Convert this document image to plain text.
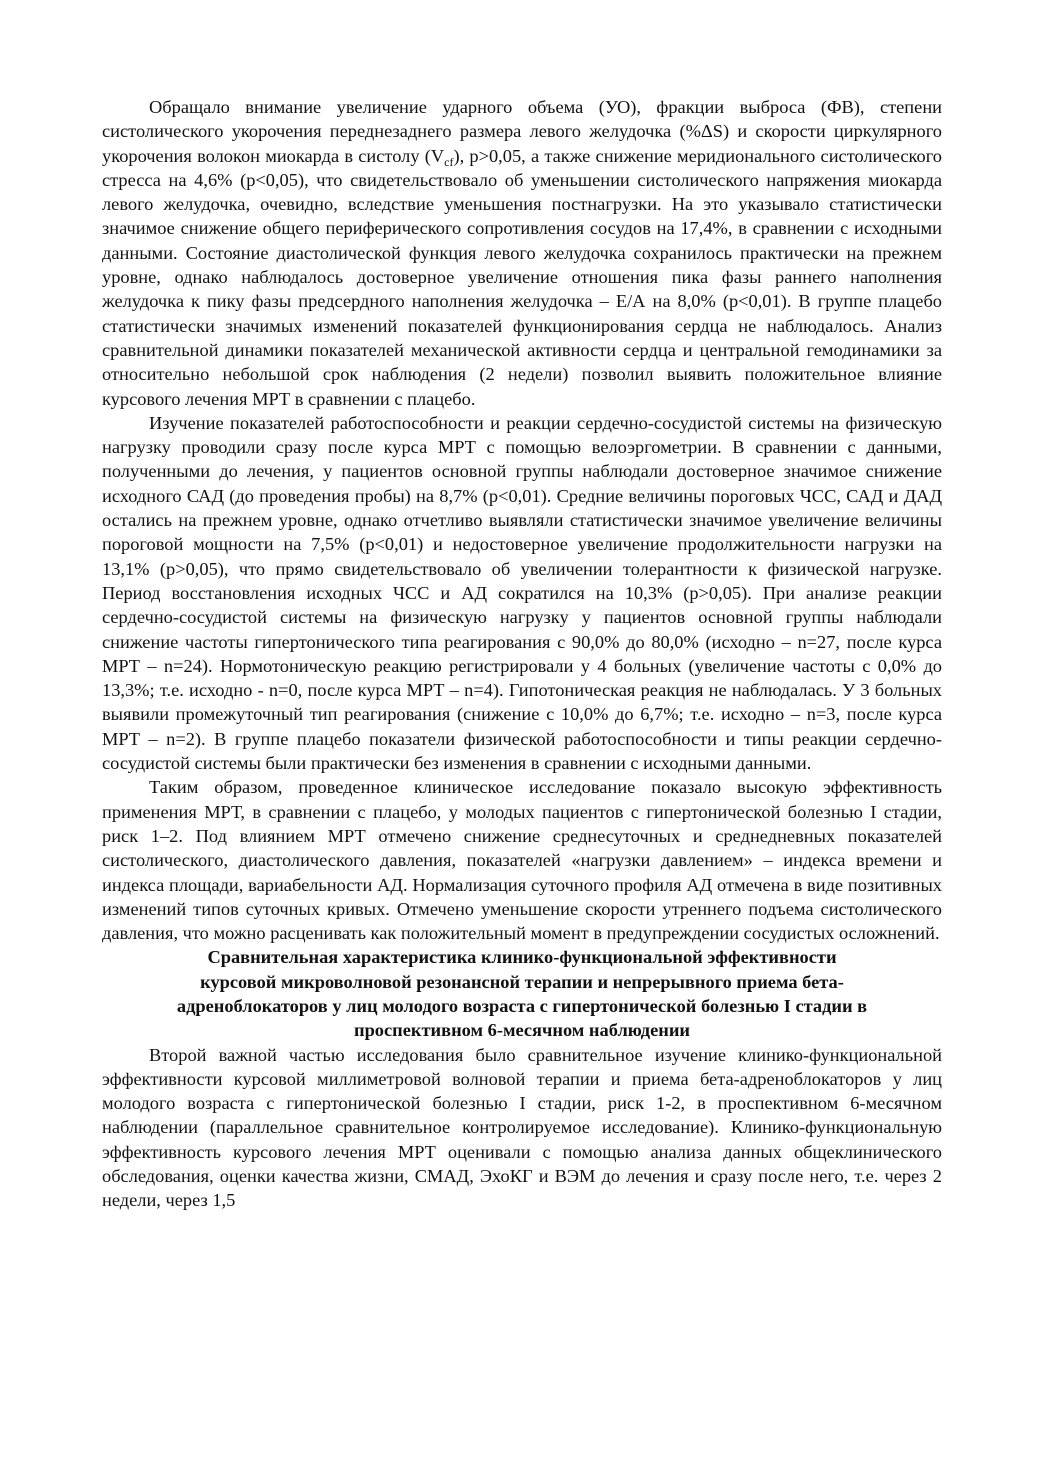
Обращало внимание увеличение ударного объема (УО), фракции выброса (ФВ), степени систолического укорочения переднезаднего размера левого желудочка (%ΔS) и скорости циркулярного укорочения волокон миокарда в систолу $(V_{cf})$, p>0,05, а также снижение меридионального систолического стресса на 4,6% (р<0,05), что свидетельствовало об уменьшении систолического напряжения миокарда левого желудочка, очевидно, вследствие уменьшения постнагрузки. На это указывало статистически значимое снижение общего периферического сопротивления сосудов на 17,4%, в сравнении с исходными данными. Состояние диастолической функция левого желудочка сохранилось практически на прежнем уровне, однако наблюдалось достоверное увеличение отношения пика фазы раннего наполнения желудочка к пику фазы предсердного наполнения желудочка – Е/А на 8,0% (р<0,01). В группе плацебо статистически значимых изменений показателей функционирования сердца не наблюдалось. Анализ сравнительной динамики показателей механической активности сердца и центральной гемодинамики за относительно небольшой срок наблюдения (2 недели) позволил выявить положительное влияние курсового лечения МРТ в сравнении с плацебо.

Изучение показателей работоспособности и реакции сердечно-сосудистой системы на физическую нагрузку проводили сразу после курса МРТ с помощью велоэргометрии. В сравнении с данными, полученными до лечения, у пациентов основной группы наблюдали достоверное значимое снижение исходного САД (до проведения пробы) на 8,7% (р<0,01). Средние величины пороговых ЧСС, САД и ДАД остались на прежнем уровне, однако отчетливо выявляли статистически значимое увеличение величины пороговой мощности на 7,5% (р<0,01) и недостоверное увеличение продолжительности нагрузки на 13,1% (р>0,05), что прямо свидетельствовало об увеличении толерантности к физической нагрузке. Период восстановления исходных ЧСС и АД сократился на 10,3% (р>0,05). При анализе реакции сердечно-сосудистой системы на физическую нагрузку у пациентов основной группы наблюдали снижение частоты гипертонического типа реагирования с 90,0% до 80,0% (исходно – n=27, после курса МРТ – n=24). Нормотоническую реакцию регистрировали у 4 больных (увеличение частоты с 0,0% до 13,3%; т.е. исходно - n=0, после курса МРТ – n=4). Гипотоническая реакция не наблюдалась. У 3 больных выявили промежуточный тип реагирования (снижение с 10,0% до 6,7%; т.е. исходно – n=3, после курса МРТ – n=2). В группе плацебо показатели физической работоспособности и типы реакции сердечно-сосудистой системы были практически без изменения в сравнении с исходными данными.

Таким образом, проведенное клиническое исследование показало высокую эффективность применения МРТ, в сравнении с плацебо, у молодых пациентов с гипертонической болезнью I стадии, риск 1–2. Под влиянием МРТ отмечено снижение среднесуточных и среднедневных показателей систолического, диастолического давления, показателей «нагрузки давлением» – индекса времени и индекса площади, вариабельности АД. Нормализация суточного профиля АД отмечена в виде позитивных изменений типов суточных кривых. Отмечено уменьшение скорости утреннего подъема систолического давления, что можно расценивать как положительный момент в предупреждении сосудистых осложнений.

Сравнительная характеристика клинико-функциональной эффективности курсовой микроволновой резонансной терапии и непрерывного приема бета-адреноблокаторов у лиц молодого возраста с гипертонической болезнью I стадии в проспективном 6-месячном наблюдении

Второй важной частью исследования было сравнительное изучение клинико-функциональной эффективности курсовой миллиметровой волновой терапии и приема бета-адреноблокаторов у лиц молодого возраста с гипертонической болезнью I стадии, риск 1-2, в проспективном 6-месячном наблюдении (параллельное сравнительное контролируемое исследование). Клинико-функциональную эффективность курсового лечения МРТ оценивали с помощью анализа данных общеклинического обследования, оценки качества жизни, СМАД, ЭхоКГ и ВЭМ до лечения и сразу после него, т.е. через 2 недели, через 1,5
